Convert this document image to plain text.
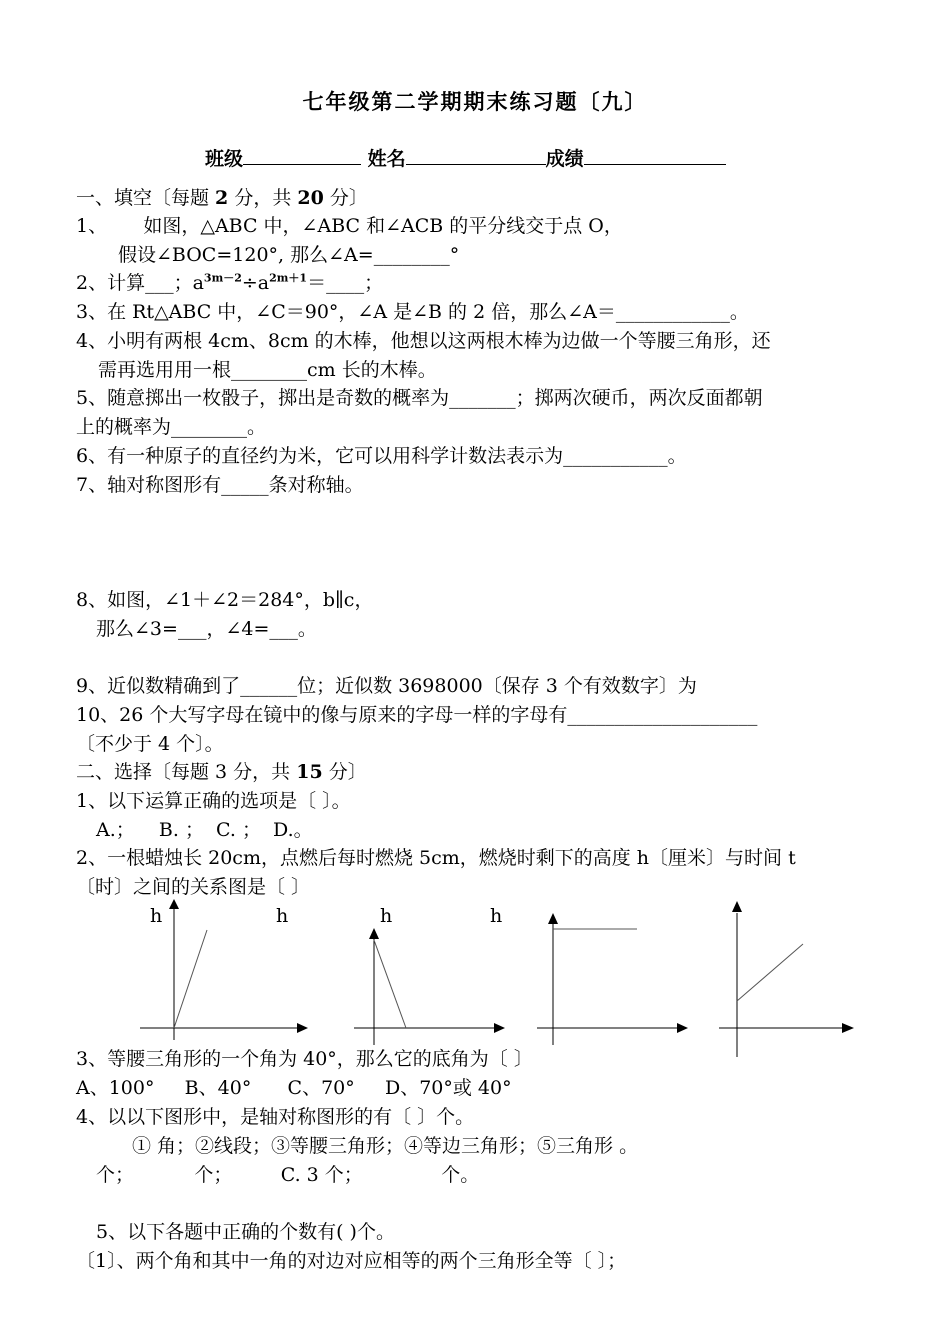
七年级第二学期期末练习题〔九〕
班级	姓名	成绩
一、填空〔每题 2 分，共 20 分〕
1、      如图，△ABC 中，∠ABC 和∠ACB 的平分线交于点 O，
假设∠BOC=120°, 那么∠A=________°
2、计算___；$a^{3m-2}\div a^{2m+1}=\_\_\_\_$；
3、在 Rt△ABC 中，∠C＝90°，∠A 是∠B 的 2 倍，那么∠A＝____________。
4、小明有两根 4cm、8cm 的木棒，他想以这两根木棒为边做一个等腰三角形，还
需再选用用一根________cm 长的木棒。
5、随意掷出一枚骰子，掷出是奇数的概率为_______；掷两次硬币，两次反面都朝
上的概率为________。
6、有一种原子的直径约为米，它可以用科学计数法表示为___________。
7、轴对称图形有_____条对称轴。
8、如图，∠1＋∠2＝284°，b∥c，
那么∠3=___，∠4=___。
9、近似数精确到了______位；近似数 3698000〔保存 3 个有效数字〕为
10、26 个大写字母在镜中的像与原来的字母一样的字母有____________________
〔不少于 4 个〕。
二、选择〔每题 3 分，共 15 分〕
1、以下运算正确的选项是〔 〕。
A.；    B. ；  C. ；  D.。
2、一根蜡烛长 20cm，点燃后每时燃烧 5cm，燃烧时剩下的高度 h〔厘米〕与时间 t
〔时〕之间的关系图是〔 〕
h	h	h	h
3、等腰三角形的一个角为 40°，那么它的底角为〔 〕
A、100°     B、40°      C、70°     D、70°或 40°
4、以以下图形中，是轴对称图形的有〔 〕个。
① 角；②线段；③等腰三角形；④等边三角形；⑤三角形 。
个；          个；        C. 3 个；             个。
5、以下各题中正确的个数有( )个。
〔1〕、两个角和其中一角的对边对应相等的两个三角形全等〔 〕；
